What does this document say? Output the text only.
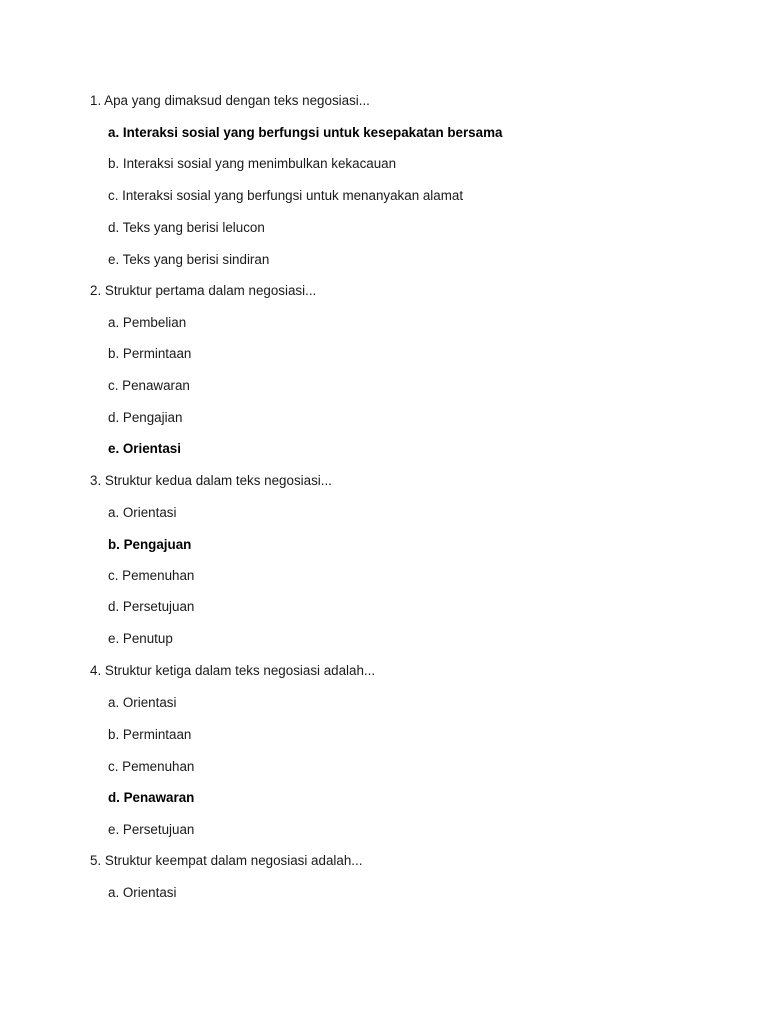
1. Apa yang dimaksud dengan teks negosiasi...
a. Interaksi sosial yang berfungsi untuk kesepakatan bersama
b. Interaksi sosial yang menimbulkan kekacauan
c. Interaksi sosial yang berfungsi untuk menanyakan alamat
d. Teks yang berisi lelucon
e. Teks yang berisi sindiran
2. Struktur pertama dalam negosiasi...
a. Pembelian
b. Permintaan
c. Penawaran
d. Pengajian
e. Orientasi
3. Struktur kedua dalam teks negosiasi...
a. Orientasi
b. Pengajuan
c. Pemenuhan
d. Persetujuan
e. Penutup
4. Struktur ketiga dalam teks negosiasi adalah...
a. Orientasi
b. Permintaan
c. Pemenuhan
d. Penawaran
e. Persetujuan
5. Struktur keempat dalam negosiasi adalah...
a. Orientasi
